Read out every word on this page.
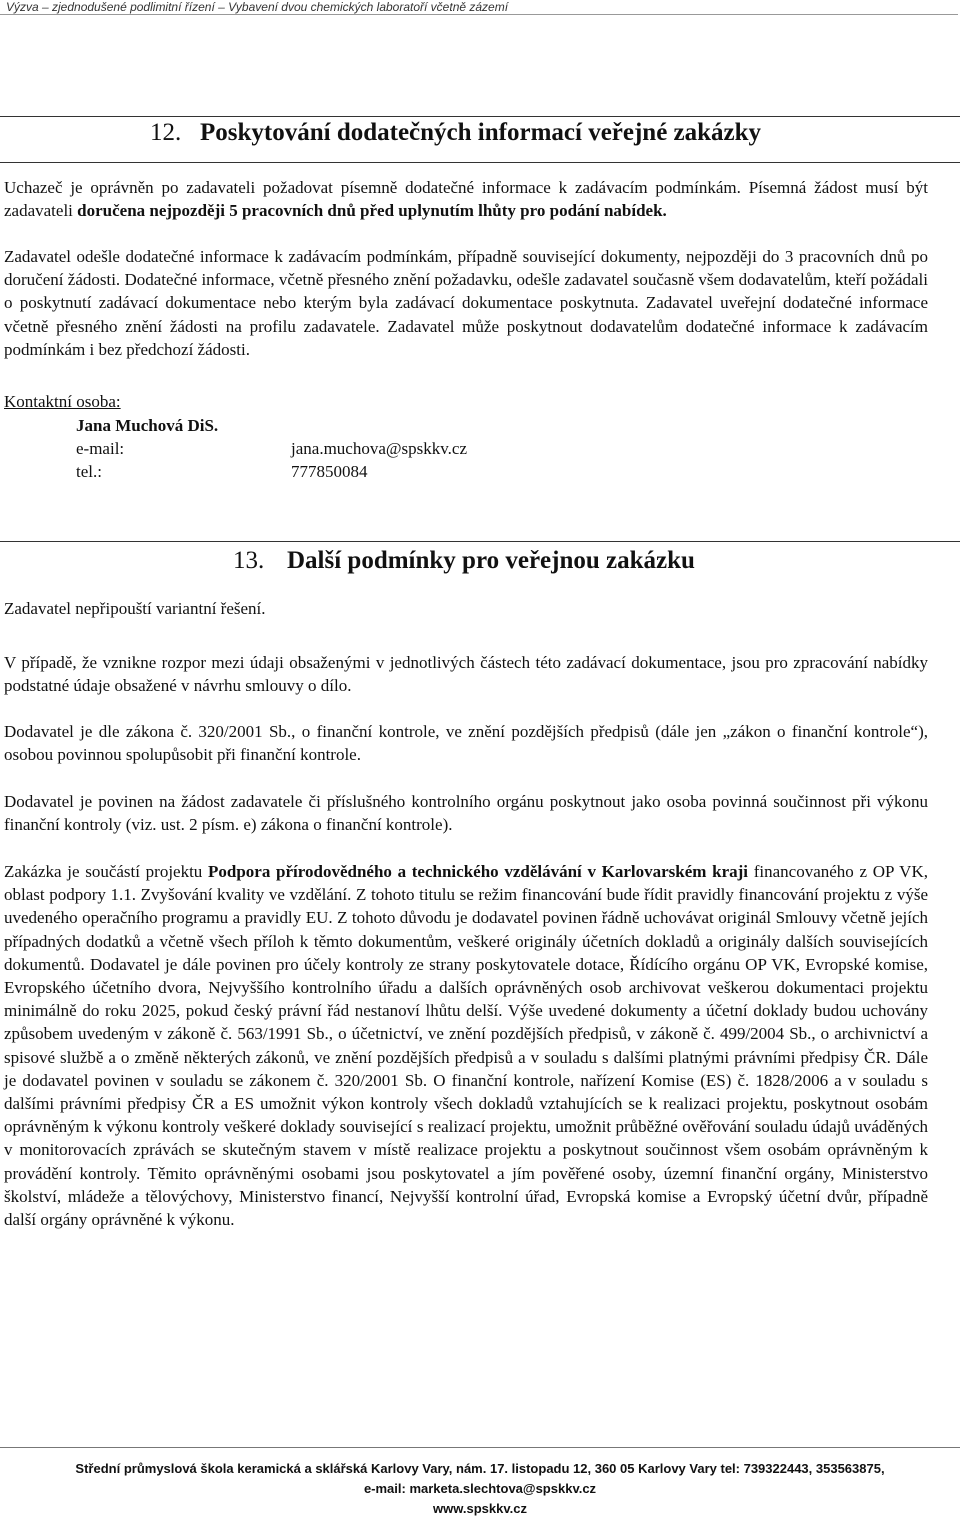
Výzva – zjednodušené podlimitní řízení – Vybavení dvou chemických laboratoří včetně zázemí
12. Poskytování dodatečných informací veřejné zakázky
Uchazeč je oprávněn po zadavateli požadovat písemně dodatečné informace k zadávacím podmínkám. Písemná žádost musí být zadavateli doručena nejpozději 5 pracovních dnů před uplynutím lhůty pro podání nabídek.
Zadavatel odešle dodatečné informace k zadávacím podmínkám, případně související dokumenty, nejpozději do 3 pracovních dnů po doručení žádosti. Dodatečné informace, včetně přesného znění požadavku, odešle zadavatel současně všem dodavatelům, kteří požádali o poskytnutí zadávací dokumentace nebo kterým byla zadávací dokumentace poskytnuta. Zadavatel uveřejní dodatečné informace včetně přesného znění žádosti na profilu zadavatele. Zadavatel může poskytnout dodavatelům dodatečné informace k zadávacím podmínkám i bez předchozí žádosti.
Kontaktní osoba:
Jana Muchová DiS.
e-mail:	jana.muchova@spskkv.cz
tel.:	777850084
13. Další podmínky pro veřejnou zakázku
Zadavatel nepřipouští variantní řešení.
V případě, že vznikne rozpor mezi údaji obsaženými v jednotlivých částech této zadávací dokumentace, jsou pro zpracování nabídky podstatné údaje obsažené v návrhu smlouvy o dílo.
Dodavatel je dle zákona č. 320/2001 Sb., o finanční kontrole, ve znění pozdějších předpisů (dále jen „zákon o finanční kontrole“), osobou povinnou spolupůsobit při finanční kontrole.
Dodavatel je povinen na žádost zadavatele či příslušného kontrolního orgánu poskytnout jako osoba povinná součinnost při výkonu finanční kontroly (viz. ust. 2 písm. e) zákona o finanční kontrole).
Zakázka je součástí projektu Podpora přírodovědného a technického vzdělávání v Karlovarském kraji financovaného z OP VK, oblast podpory 1.1. Zvyšování kvality ve vzdělání. Z tohoto titulu se režim financování bude řídit pravidly financování projektu z výše uvedeného operačního programu a pravidly EU. Z tohoto důvodu je dodavatel povinen řádně uchovávat originál Smlouvy včetně jejích případných dodatků a včetně všech příloh k těmto dokumentům, veškeré originály účetních dokladů a originály dalších souvisejících dokumentů. Dodavatel je dále povinen pro účely kontroly ze strany poskytovatele dotace, Řídícího orgánu OP VK, Evropské komise, Evropského účetního dvora, Nejvyššího kontrolního úřadu a dalších oprávněných osob archivovat veškerou dokumentaci projektu minimálně do roku 2025, pokud český právní řád nestanoví lhůtu delší. Výše uvedené dokumenty a účetní doklady budou uchovány způsobem uvedeným v zákoně č. 563/1991 Sb., o účetnictví, ve znění pozdějších předpisů, v zákoně č. 499/2004 Sb., o archivnictví a spisové službě a o změně některých zákonů, ve znění pozdějších předpisů a v souladu s dalšími platnými právními předpisy ČR. Dále je dodavatel povinen v souladu se zákonem č. 320/2001 Sb. O finanční kontrole, nařízení Komise (ES) č. 1828/2006 a v souladu s dalšími právními předpisy ČR a ES umožnit výkon kontroly všech dokladů vztahujících se k realizaci projektu, poskytnout osobám oprávněným k výkonu kontroly veškeré doklady související s realizací projektu, umožnit průběžné ověřování souladu údajů uváděných v monitorovacích zprávách se skutečným stavem v místě realizace projektu a poskytnout součinnost všem osobám oprávněným k provádění kontroly. Těmito oprávněnými osobami jsou poskytovatel a jím pověřené osoby, územní finanční orgány, Ministerstvo školství, mládeže a tělovýchovy, Ministerstvo financí, Nejvyšší kontrolní úřad, Evropská komise a Evropský účetní dvůr, případně další orgány oprávněné k výkonu.
Střední průmyslová škola keramická a sklářská Karlovy Vary, nám. 17. listopadu 12, 360 05 Karlovy Vary tel: 739322443, 353563875,
e-mail: marketa.slechtova@spskkv.cz
www.spskkv.cz
